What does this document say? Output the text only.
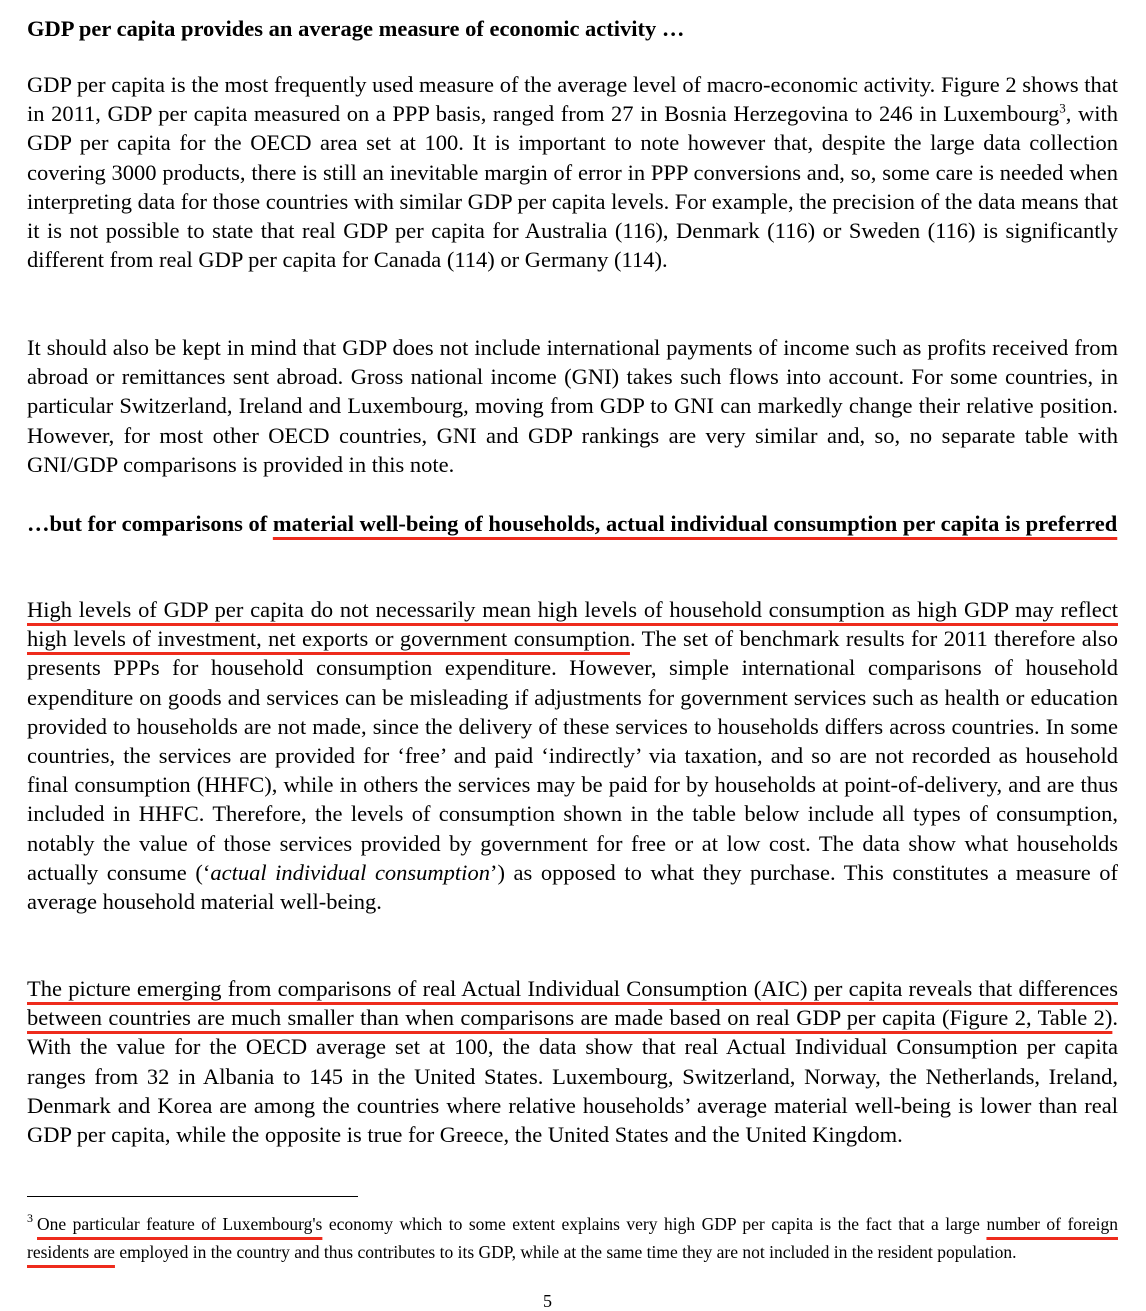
GDP per capita provides an average measure of economic activity …

GDP per capita is the most frequently used measure of the average level of macro-economic activity. Figure 2 shows that in 2011, GDP per capita measured on a PPP basis, ranged from 27 in Bosnia Herzegovina to 246 in Luxembourg$^3$, with GDP per capita for the OECD area set at 100. It is important to note however that, despite the large data collection covering 3000 products, there is still an inevitable margin of error in PPP conversions and, so, some care is needed when interpreting data for those countries with similar GDP per capita levels. For example, the precision of the data means that it is not possible to state that real GDP per capita for Australia (116), Denmark (116) or Sweden (116) is significantly different from real GDP per capita for Canada (114) or Germany (114).

It should also be kept in mind that GDP does not include international payments of income such as profits received from abroad or remittances sent abroad. Gross national income (GNI) takes such flows into account. For some countries, in particular Switzerland, Ireland and Luxembourg, moving from GDP to GNI can markedly change their relative position. However, for most other OECD countries, GNI and GDP rankings are very similar and, so, no separate table with GNI/GDP comparisons is provided in this note.

…but for comparisons of material well-being of households, actual individual consumption per capita is preferred

High levels of GDP per capita do not necessarily mean high levels of household consumption as high GDP may reflect high levels of investment, net exports or government consumption. The set of benchmark results for 2011 therefore also presents PPPs for household consumption expenditure. However, simple international comparisons of household expenditure on goods and services can be misleading if adjustments for government services such as health or education provided to households are not made, since the delivery of these services to households differs across countries. In some countries, the services are provided for ‘free’ and paid ‘indirectly’ via taxation, and so are not recorded as household final consumption (HHFC), while in others the services may be paid for by households at point-of-delivery, and are thus included in HHFC. Therefore, the levels of consumption shown in the table below include all types of consumption, notably the value of those services provided by government for free or at low cost. The data show what households actually consume (‘actual individual consumption’) as opposed to what they purchase. This constitutes a measure of average household material well-being.

The picture emerging from comparisons of real Actual Individual Consumption (AIC) per capita reveals that differences between countries are much smaller than when comparisons are made based on real GDP per capita (Figure 2, Table 2). With the value for the OECD average set at 100, the data show that real Actual Individual Consumption per capita ranges from 32 in Albania to 145 in the United States. Luxembourg, Switzerland, Norway, the Netherlands, Ireland, Denmark and Korea are among the countries where relative households’ average material well-being is lower than real GDP per capita, while the opposite is true for Greece, the United States and the United Kingdom.

$^3$ One particular feature of Luxembourg's economy which to some extent explains very high GDP per capita is the fact that a large number of foreign residents are employed in the country and thus contributes to its GDP, while at the same time they are not included in the resident population.

5
